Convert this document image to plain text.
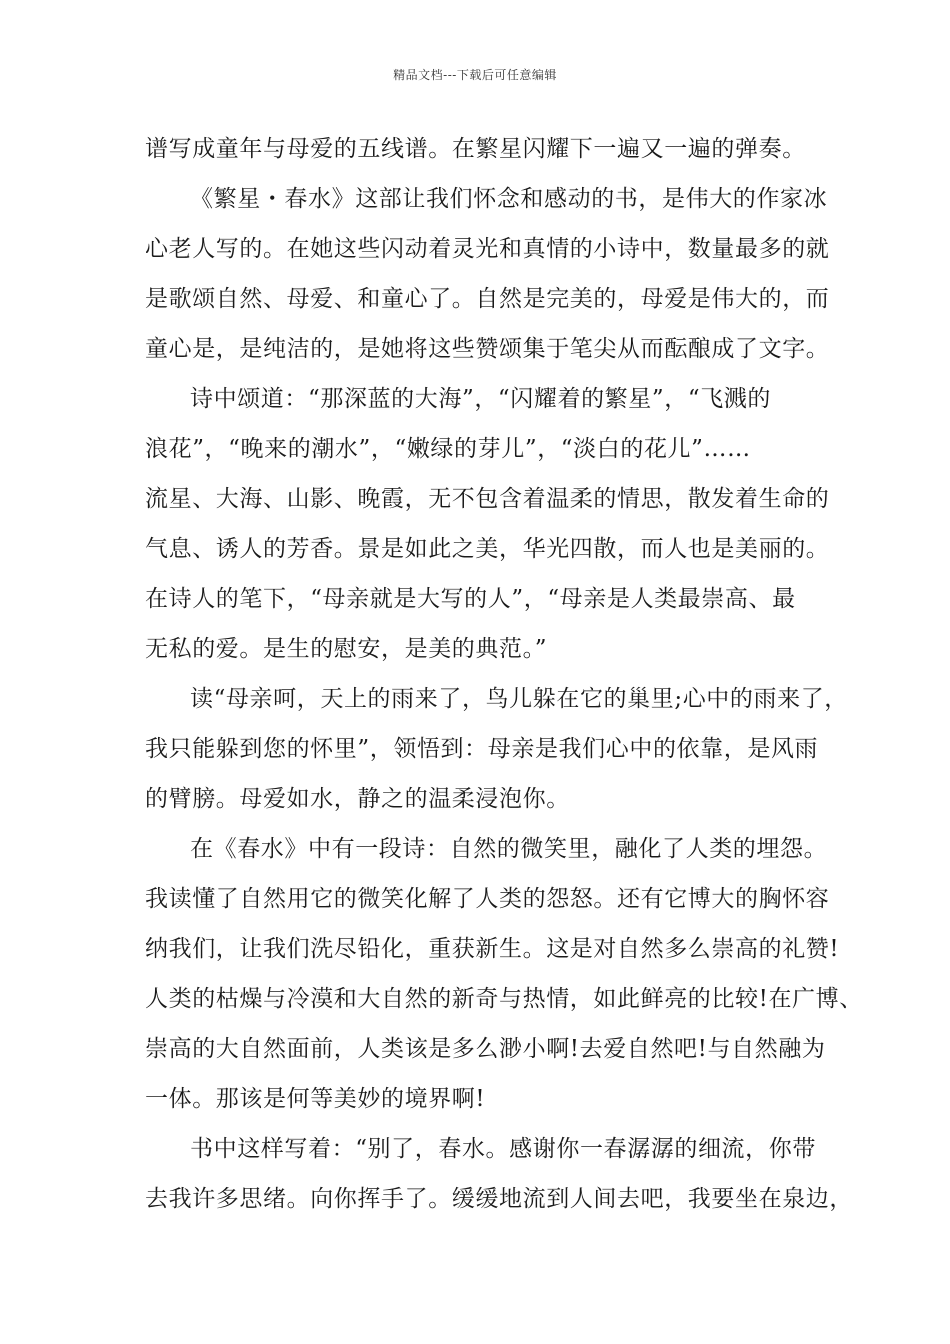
精品文档---下载后可任意编辑
谱写成童年与母爱的五线谱。在繁星闪耀下一遍又一遍的弹奏。
《繁星・春水》这部让我们怀念和感动的书，是伟大的作家冰
心老人写的。在她这些闪动着灵光和真情的小诗中，数量最多的就
是歌颂自然、母爱、和童心了。自然是完美的，母爱是伟大的，而
童心是，是纯洁的，是她将这些赞颂集于笔尖从而酝酿成了文字。
诗中颂道：“那深蓝的大海”，“闪耀着的繁星”，“飞溅的
浪花”，“晚来的潮水”，“嫩绿的芽儿”，“淡白的花儿”……
流星、大海、山影、晚霞，无不包含着温柔的情思，散发着生命的
气息、诱人的芳香。景是如此之美，华光四散，而人也是美丽的。
在诗人的笔下，“母亲就是大写的人”，“母亲是人类最崇高、最
无私的爱。是生的慰安，是美的典范。”
读“母亲呵，天上的雨来了，鸟儿躲在它的巢里;心中的雨来了，
我只能躲到您的怀里”，领悟到：母亲是我们心中的依靠，是风雨
的臂膀。母爱如水，静之的温柔浸泡你。
在《春水》中有一段诗：自然的微笑里，融化了人类的埋怨。
我读懂了自然用它的微笑化解了人类的怨怒。还有它博大的胸怀容
纳我们，让我们洗尽铅化，重获新生。这是对自然多么崇高的礼赞!
人类的枯燥与冷漠和大自然的新奇与热情，如此鲜亮的比较!在广博、
崇高的大自然面前，人类该是多么渺小啊!去爱自然吧!与自然融为
一体。那该是何等美妙的境界啊!
书中这样写着：“别了，春水。感谢你一春潺潺的细流，你带
去我许多思绪。向你挥手了。缓缓地流到人间去吧，我要坐在泉边，
